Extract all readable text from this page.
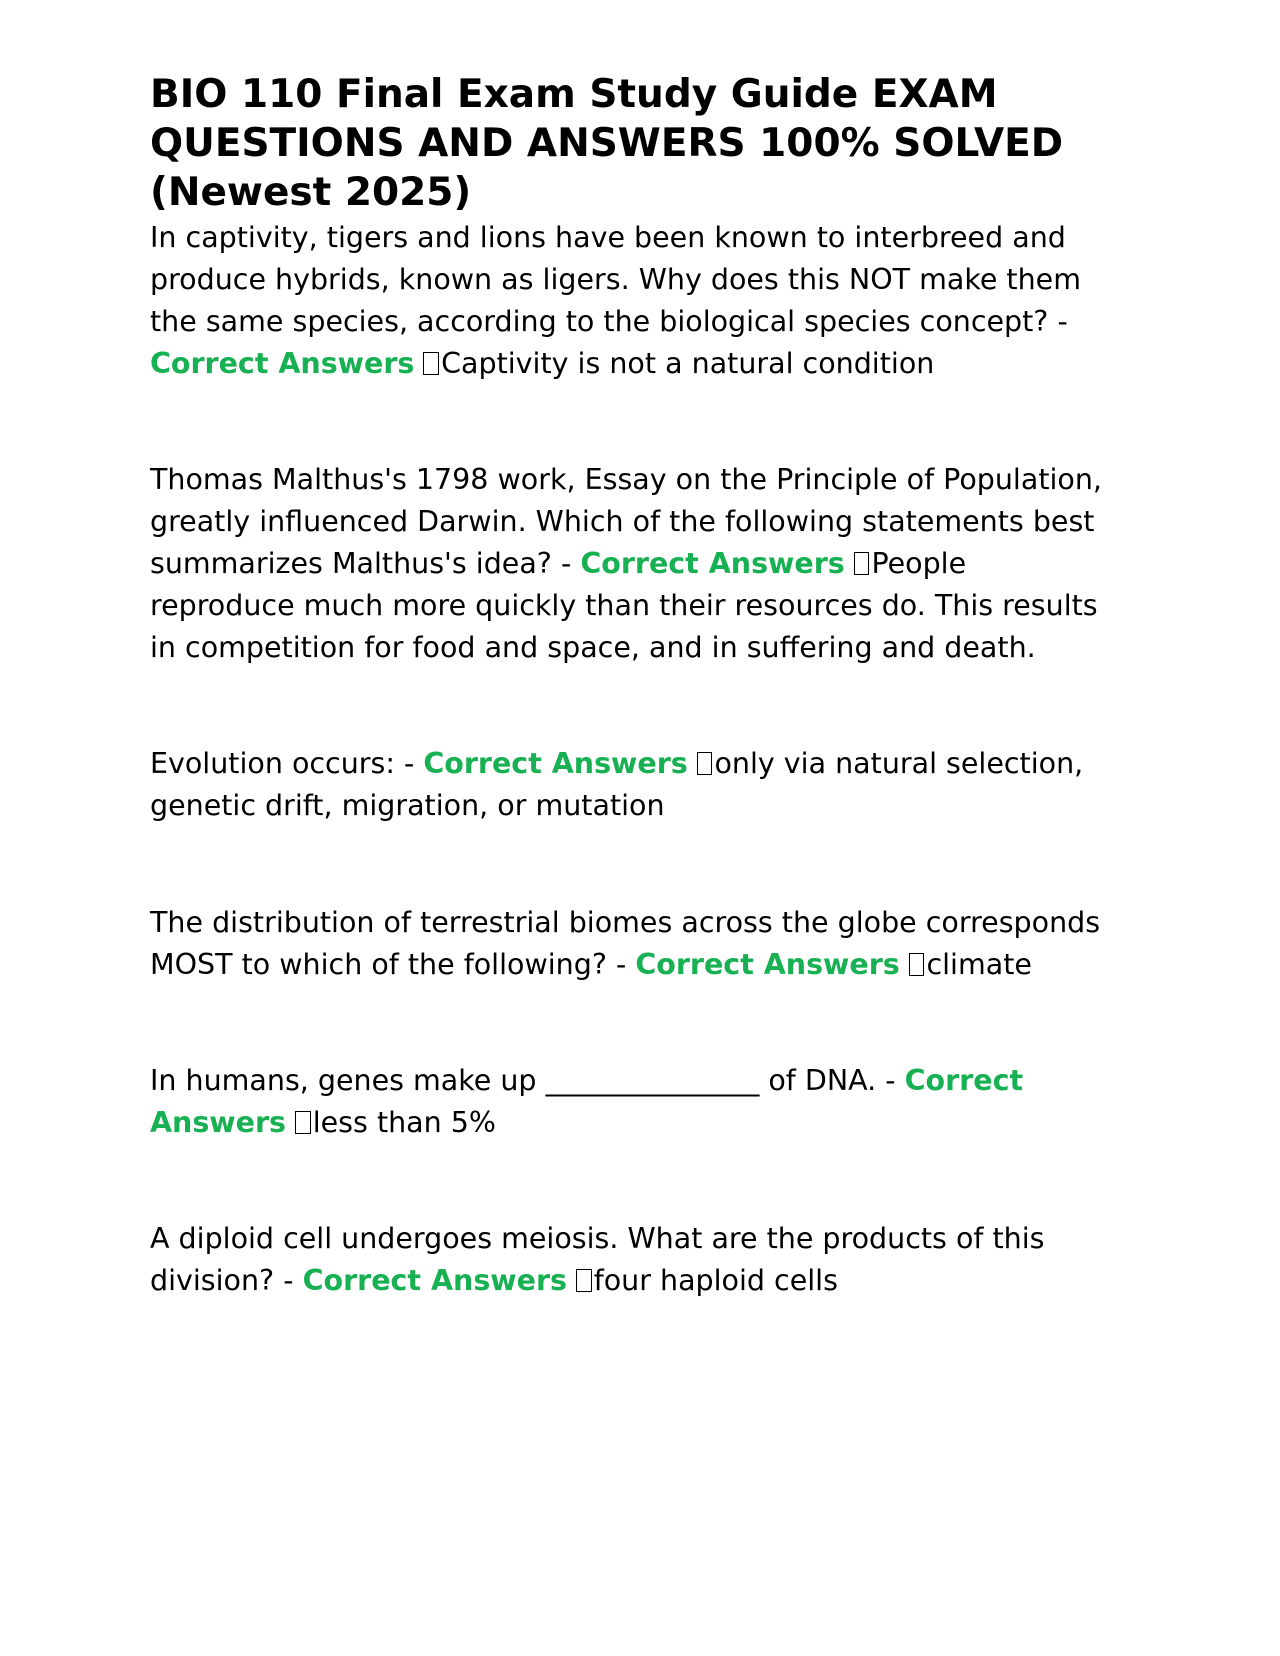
BIO 110 Final Exam Study Guide EXAM QUESTIONS AND ANSWERS 100% SOLVED (Newest 2025)

In captivity, tigers and lions have been known to interbreed and produce hybrids, known as ligers. Why does this NOT make them the same species, according to the biological species concept? - Correct Answers Captivity is not a natural condition

Thomas Malthus's 1798 work, Essay on the Principle of Population, greatly influenced Darwin. Which of the following statements best summarizes Malthus's idea? - Correct Answers People reproduce much more quickly than their resources do. This results in competition for food and space, and in suffering and death.

Evolution occurs: - Correct Answers only via natural selection, genetic drift, migration, or mutation

The distribution of terrestrial biomes across the globe corresponds MOST to which of the following? - Correct Answers climate

In humans, genes make up _______________ of DNA. - Correct Answers less than 5%

A diploid cell undergoes meiosis. What are the products of this division? - Correct Answers four haploid cells
